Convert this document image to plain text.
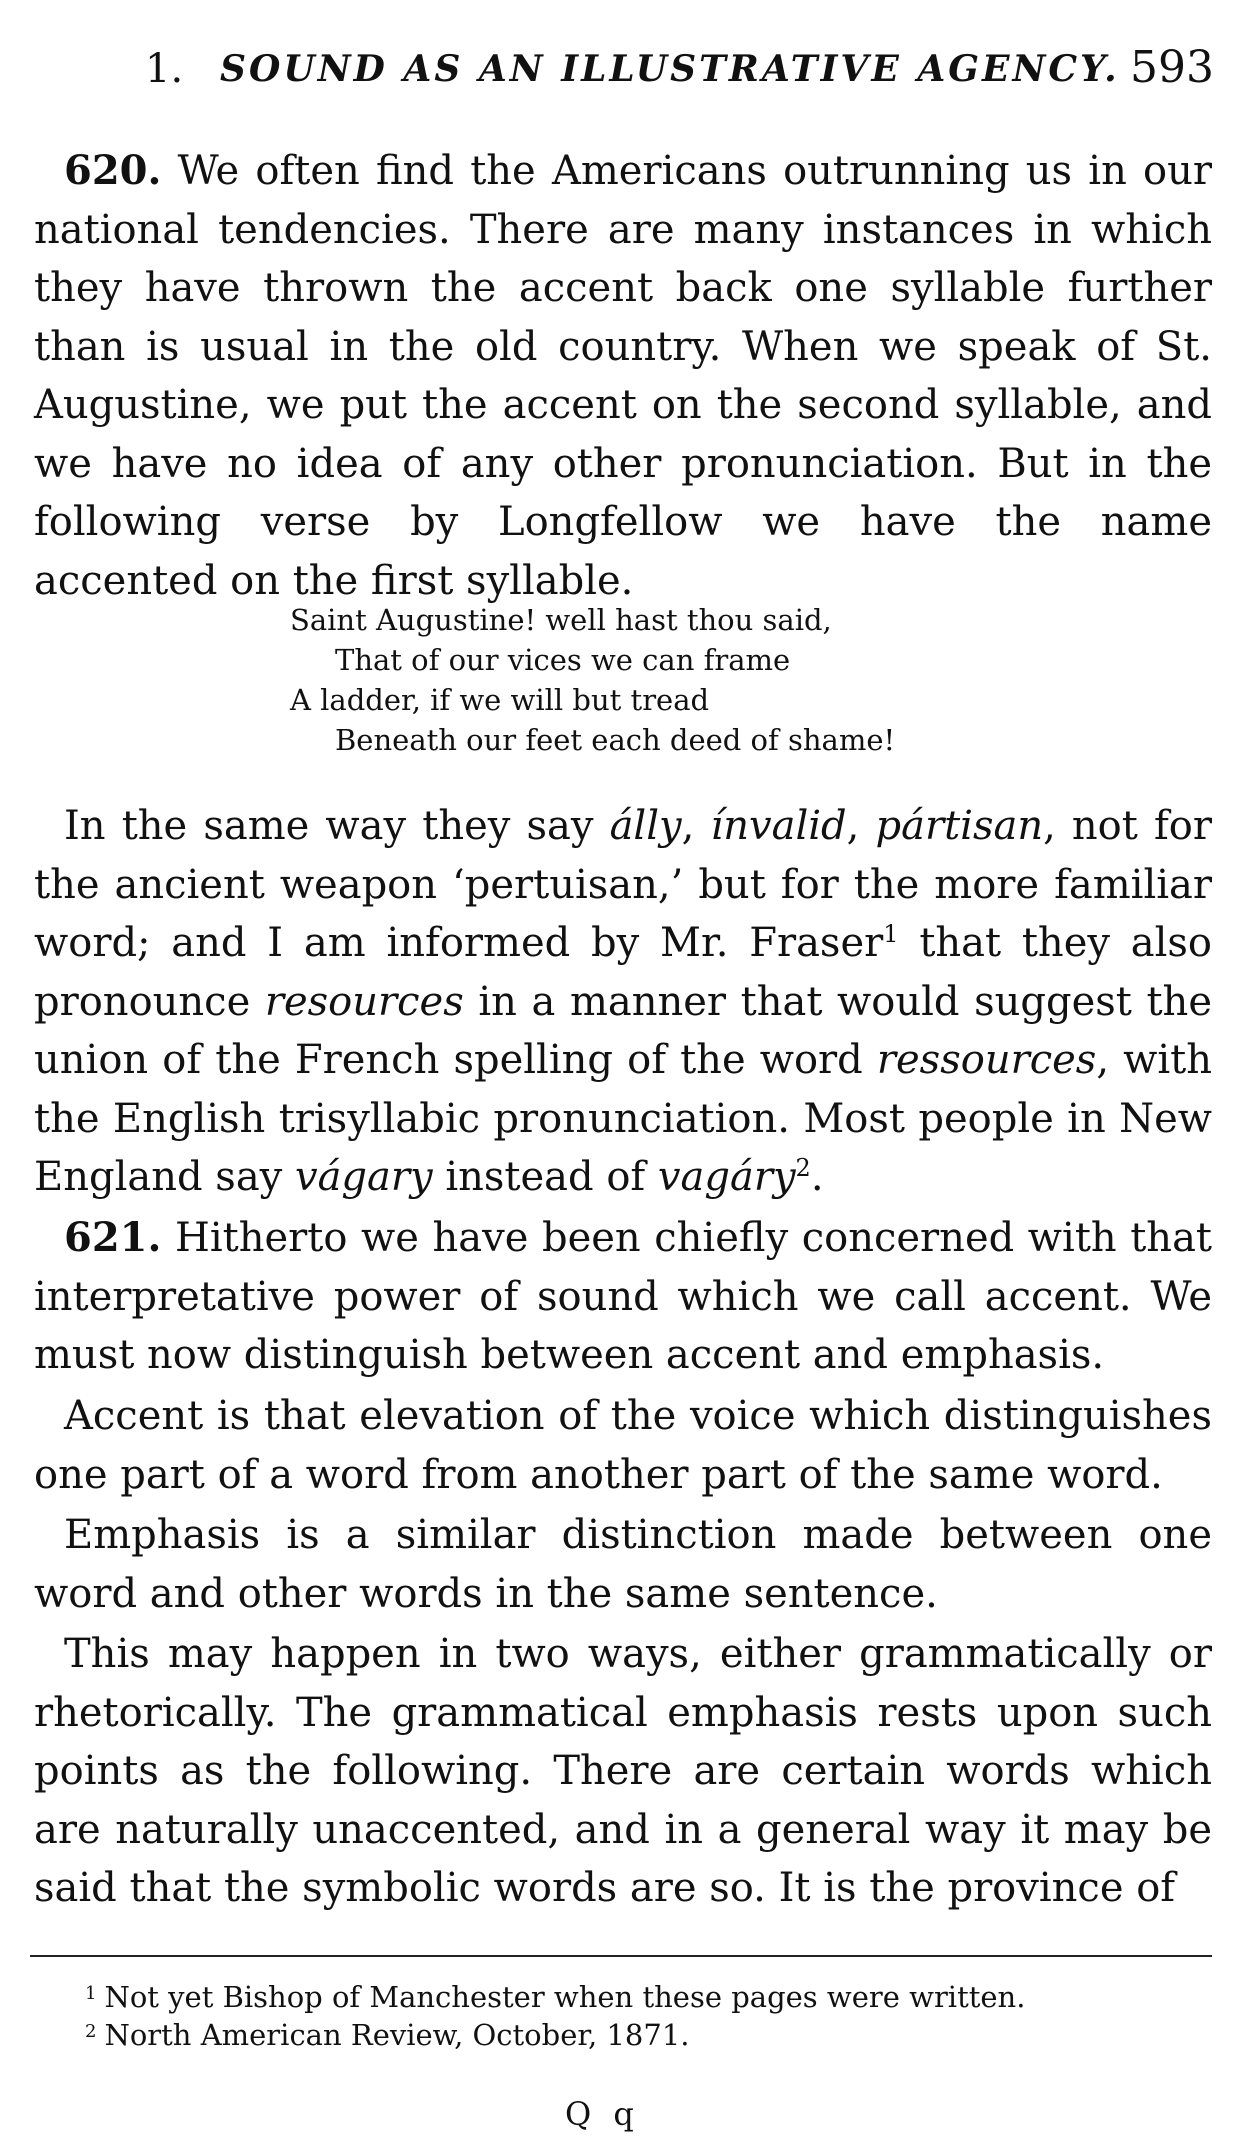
1. SOUND AS AN ILLUSTRATIVE AGENCY. 593

620. We often find the Americans outrunning us in our national tendencies. There are many instances in which they have thrown the accent back one syllable further than is usual in the old country. When we speak of St. Augustine, we put the accent on the second syllable, and we have no idea of any other pronunciation. But in the following verse by Longfellow we have the name accented on the first syllable.

Saint Augustine! well hast thou said,
That of our vices we can frame
A ladder, if we will but tread
Beneath our feet each deed of shame!

In the same way they say álly, ínvalid, pártisan, not for the ancient weapon ‘pertuisan,’ but for the more familiar word; and I am informed by Mr. Fraser$^1$ that they also pronounce resources in a manner that would suggest the union of the French spelling of the word ressources, with the English trisyllabic pronunciation. Most people in New England say vágary instead of vagáry$^2$.

621. Hitherto we have been chiefly concerned with that interpretative power of sound which we call accent. We must now distinguish between accent and emphasis.

Accent is that elevation of the voice which distinguishes one part of a word from another part of the same word.

Emphasis is a similar distinction made between one word and other words in the same sentence.

This may happen in two ways, either grammatically or rhetorically. The grammatical emphasis rests upon such points as the following. There are certain words which are naturally unaccented, and in a general way it may be said that the symbolic words are so. It is the province of

$^1$ Not yet Bishop of Manchester when these pages were written.
$^2$ North American Review, October, 1871.
Q q
